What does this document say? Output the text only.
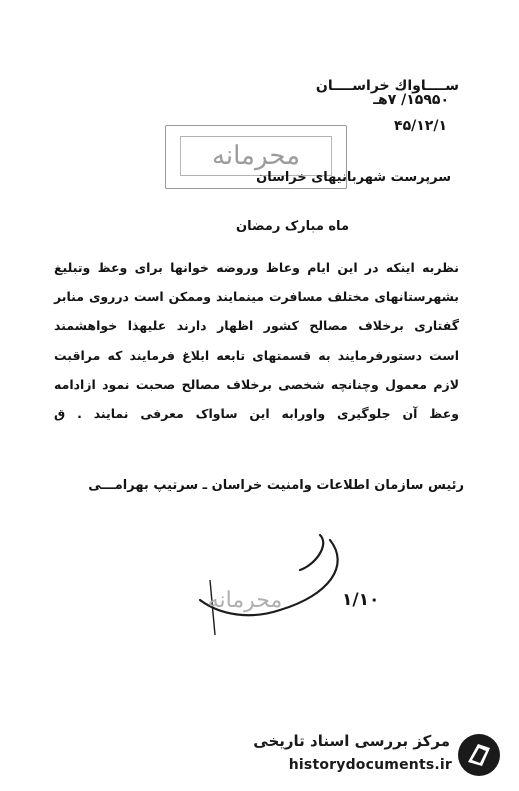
ســــاواك خراســــان
۱۵۹۵۰/ ۷هـ
۴۵/۱۲/۱
محرمانه
سرپرست شهربانیهای خراسان
ماه مبارک رمضان
نظربه اینکه در این ایام وعاظ وروضه خوانها برای وعظ وتبلیغ
بشهرستانهای مختلف مسافرت مینمایند وممکن است درروی منابر
گفتاری برخلاف مصالح کشور اظهار دارند علیهذا خواهشمند
است دستورفرمایند به قسمتهای تابعه ابلاغ فرمایند که مراقبت
لازم معمول وچنانچه شخصی برخلاف مصالح صحبت نمود ازادامه
وعظ آن جلوگیری واورابه این ساواک معرفی نمایند . ق
رئیس سازمان اطلاعات وامنیت خراسان ـ سرتیپ بهرامـــی
محرمانه	۱/۱۰
مرکز بررسی اسناد تاریخی
historydocuments.ir
